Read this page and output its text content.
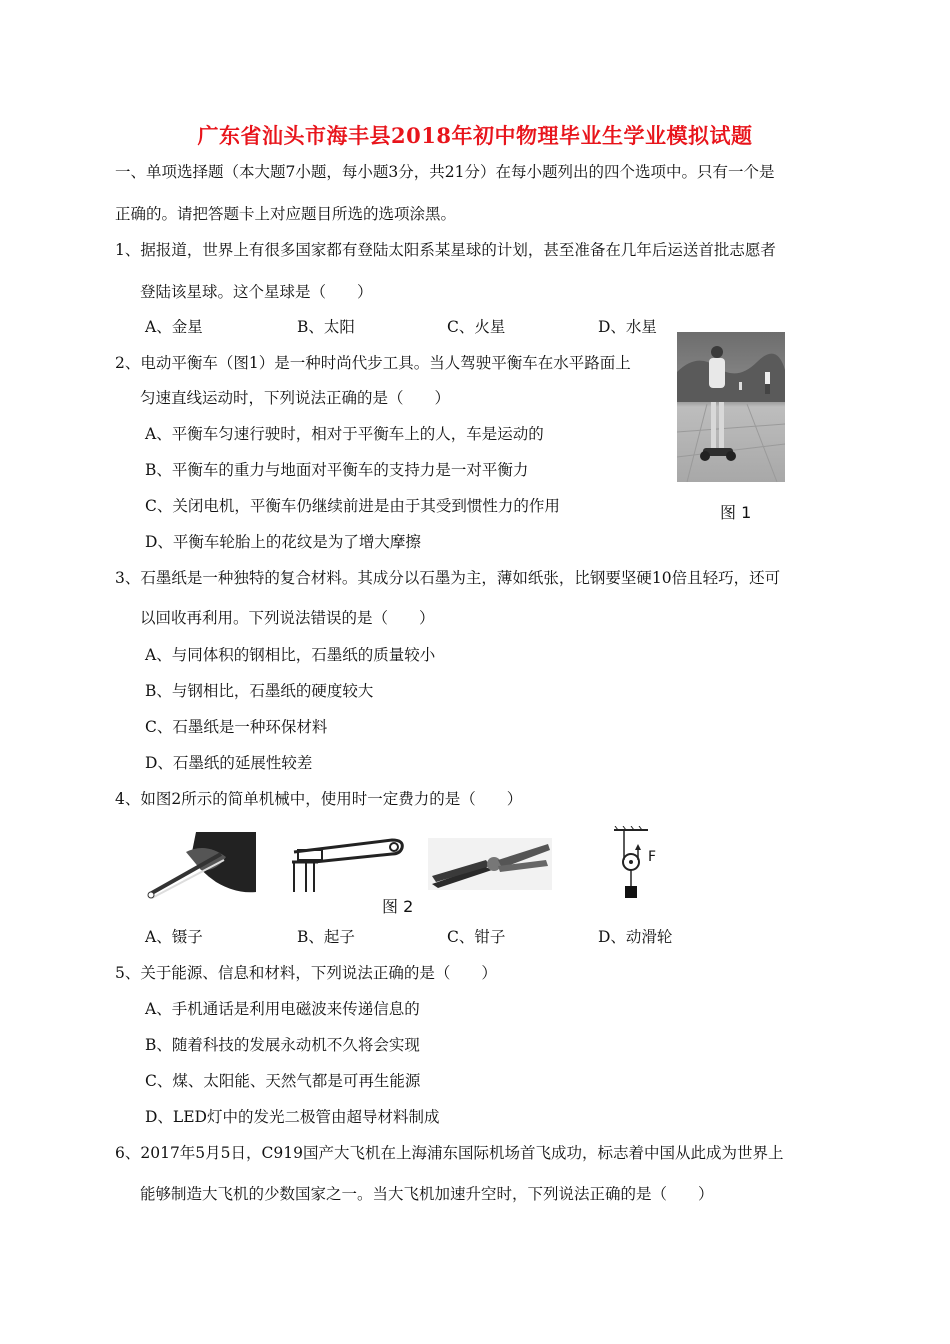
广东省汕头市海丰县2018年初中物理毕业生学业模拟试题
一、单项选择题（本大题7小题，每小题3分，共21分）在每小题列出的四个选项中。只有一个是
正确的。请把答题卡上对应题目所选的选项涂黑。
1、据报道，世界上有很多国家都有登陆太阳系某星球的计划，甚至准备在几年后运送首批志愿者
登陆该星球。这个星球是（　　）
A、金星	B、太阳	C、火星	D、水星
2、电动平衡车（图1）是一种时尚代步工具。当人驾驶平衡车在水平路面上
匀速直线运动时，下列说法正确的是（　　）
A、平衡车匀速行驶时，相对于平衡车上的人，车是运动的
B、平衡车的重力与地面对平衡车的支持力是一对平衡力
C、关闭电机，平衡车仍继续前进是由于其受到惯性力的作用
D、平衡车轮胎上的花纹是为了增大摩擦
图 1
3、石墨纸是一种独特的复合材料。其成分以石墨为主，薄如纸张，比钢要坚硬10倍且轻巧，还可
以回收再利用。下列说法错误的是（　　）
A、与同体积的钢相比，石墨纸的质量较小
B、与钢相比，石墨纸的硬度较大
C、石墨纸是一种环保材料
D、石墨纸的延展性较差
4、如图2所示的简单机械中，使用时一定费力的是（　　）
F
图 2
A、镊子	B、起子	C、钳子	D、动滑轮
5、关于能源、信息和材料，下列说法正确的是（　　）
A、手机通话是利用电磁波来传递信息的
B、随着科技的发展永动机不久将会实现
C、煤、太阳能、天然气都是可再生能源
D、LED灯中的发光二极管由超导材料制成
6、2017年5月5日，C919国产大飞机在上海浦东国际机场首飞成功，标志着中国从此成为世界上
能够制造大飞机的少数国家之一。当大飞机加速升空时，下列说法正确的是（　　）
